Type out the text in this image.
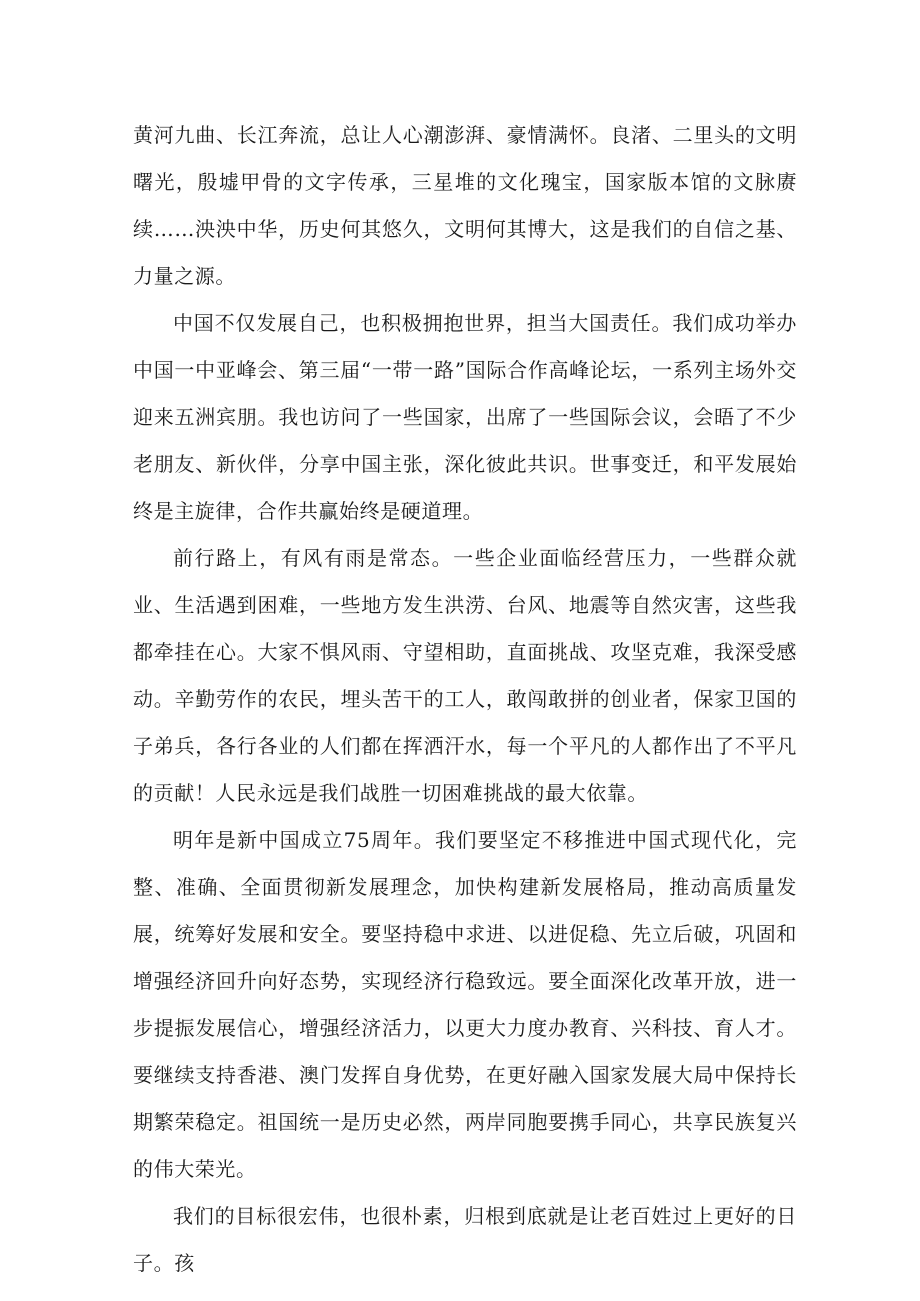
黄河九曲、长江奔流，总让人心潮澎湃、豪情满怀。良渚、二里头的文明曙光，殷墟甲骨的文字传承，三星堆的文化瑰宝，国家版本馆的文脉赓续……泱泱中华，历史何其悠久，文明何其博大，这是我们的自信之基、力量之源。

中国不仅发展自己，也积极拥抱世界，担当大国责任。我们成功举办中国一中亚峰会、第三届“一带一路”国际合作高峰论坛，一系列主场外交迎来五洲宾朋。我也访问了一些国家，出席了一些国际会议，会晤了不少老朋友、新伙伴，分享中国主张，深化彼此共识。世事变迁，和平发展始终是主旋律，合作共赢始终是硬道理。

前行路上，有风有雨是常态。一些企业面临经营压力，一些群众就业、生活遇到困难，一些地方发生洪涝、台风、地震等自然灾害，这些我都牵挂在心。大家不惧风雨、守望相助，直面挑战、攻坚克难，我深受感动。辛勤劳作的农民，埋头苦干的工人，敢闯敢拼的创业者，保家卫国的子弟兵，各行各业的人们都在挥洒汗水，每一个平凡的人都作出了不平凡的贡献！人民永远是我们战胜一切困难挑战的最大依靠。

明年是新中国成立75周年。我们要坚定不移推进中国式现代化，完整、准确、全面贯彻新发展理念，加快构建新发展格局，推动高质量发展，统筹好发展和安全。要坚持稳中求进、以进促稳、先立后破，巩固和增强经济回升向好态势，实现经济行稳致远。要全面深化改革开放，进一步提振发展信心，增强经济活力，以更大力度办教育、兴科技、育人才。要继续支持香港、澳门发挥自身优势，在更好融入国家发展大局中保持长期繁荣稳定。祖国统一是历史必然，两岸同胞要携手同心，共享民族复兴的伟大荣光。

我们的目标很宏伟，也很朴素，归根到底就是让老百姓过上更好的日子。孩
